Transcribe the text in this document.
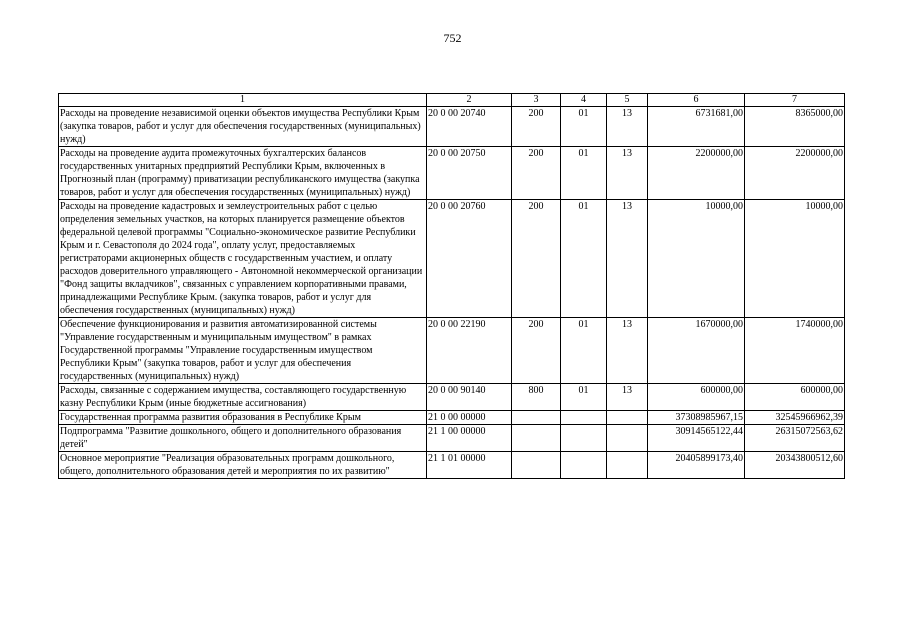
752
1	2	3	4	5	6	7
Расходы на проведение независимой оценки объектов имущества Республики Крым (закупка товаров, работ и услуг для обеспечения государственных (муниципальных) нужд)	20 0 00 20740	200	01	13	6731681,00	8365000,00
Расходы на проведение аудита промежуточных бухгалтерских балансов государственных унитарных предприятий Республики Крым, включенных в Прогнозный план (программу) приватизации республиканского имущества (закупка товаров, работ и услуг для обеспечения государственных (муниципальных) нужд)	20 0 00 20750	200	01	13	2200000,00	2200000,00
Расходы на проведение кадастровых и землеустроительных работ с целью определения земельных участков, на которых планируется размещение объектов федеральной целевой программы "Социально-экономическое развитие Республики Крым и г. Севастополя до 2024 года", оплату услуг, предоставляемых регистраторами акционерных обществ с государственным участием, и оплату расходов доверительного управляющего - Автономной некоммерческой организации "Фонд защиты вкладчиков", связанных с управлением корпоративными правами, принадлежащими Республике Крым. (закупка товаров, работ и услуг для обеспечения государственных (муниципальных) нужд)	20 0 00 20760	200	01	13	10000,00	10000,00
Обеспечение функционирования и развития автоматизированной системы "Управление государственным и муниципальным имуществом" в рамках Государственной программы "Управление государственным имуществом Республики Крым" (закупка товаров, работ и услуг для обеспечения государственных (муниципальных) нужд)	20 0 00 22190	200	01	13	1670000,00	1740000,00
Расходы, связанные с содержанием имущества, составляющего государственную казну Республики Крым (иные бюджетные ассигнования)	20 0 00 90140	800	01	13	600000,00	600000,00
Государственная программа развития образования в Республике Крым	21 0 00 00000				37308985967,15	32545966962,39
Подпрограмма "Развитие дошкольного, общего и дополнительного образования детей"	21 1 00 00000				30914565122,44	26315072563,62
Основное мероприятие "Реализация образовательных программ дошкольного, общего, дополнительного образования детей и мероприятия по их развитию"	21 1 01 00000				20405899173,40	20343800512,60
